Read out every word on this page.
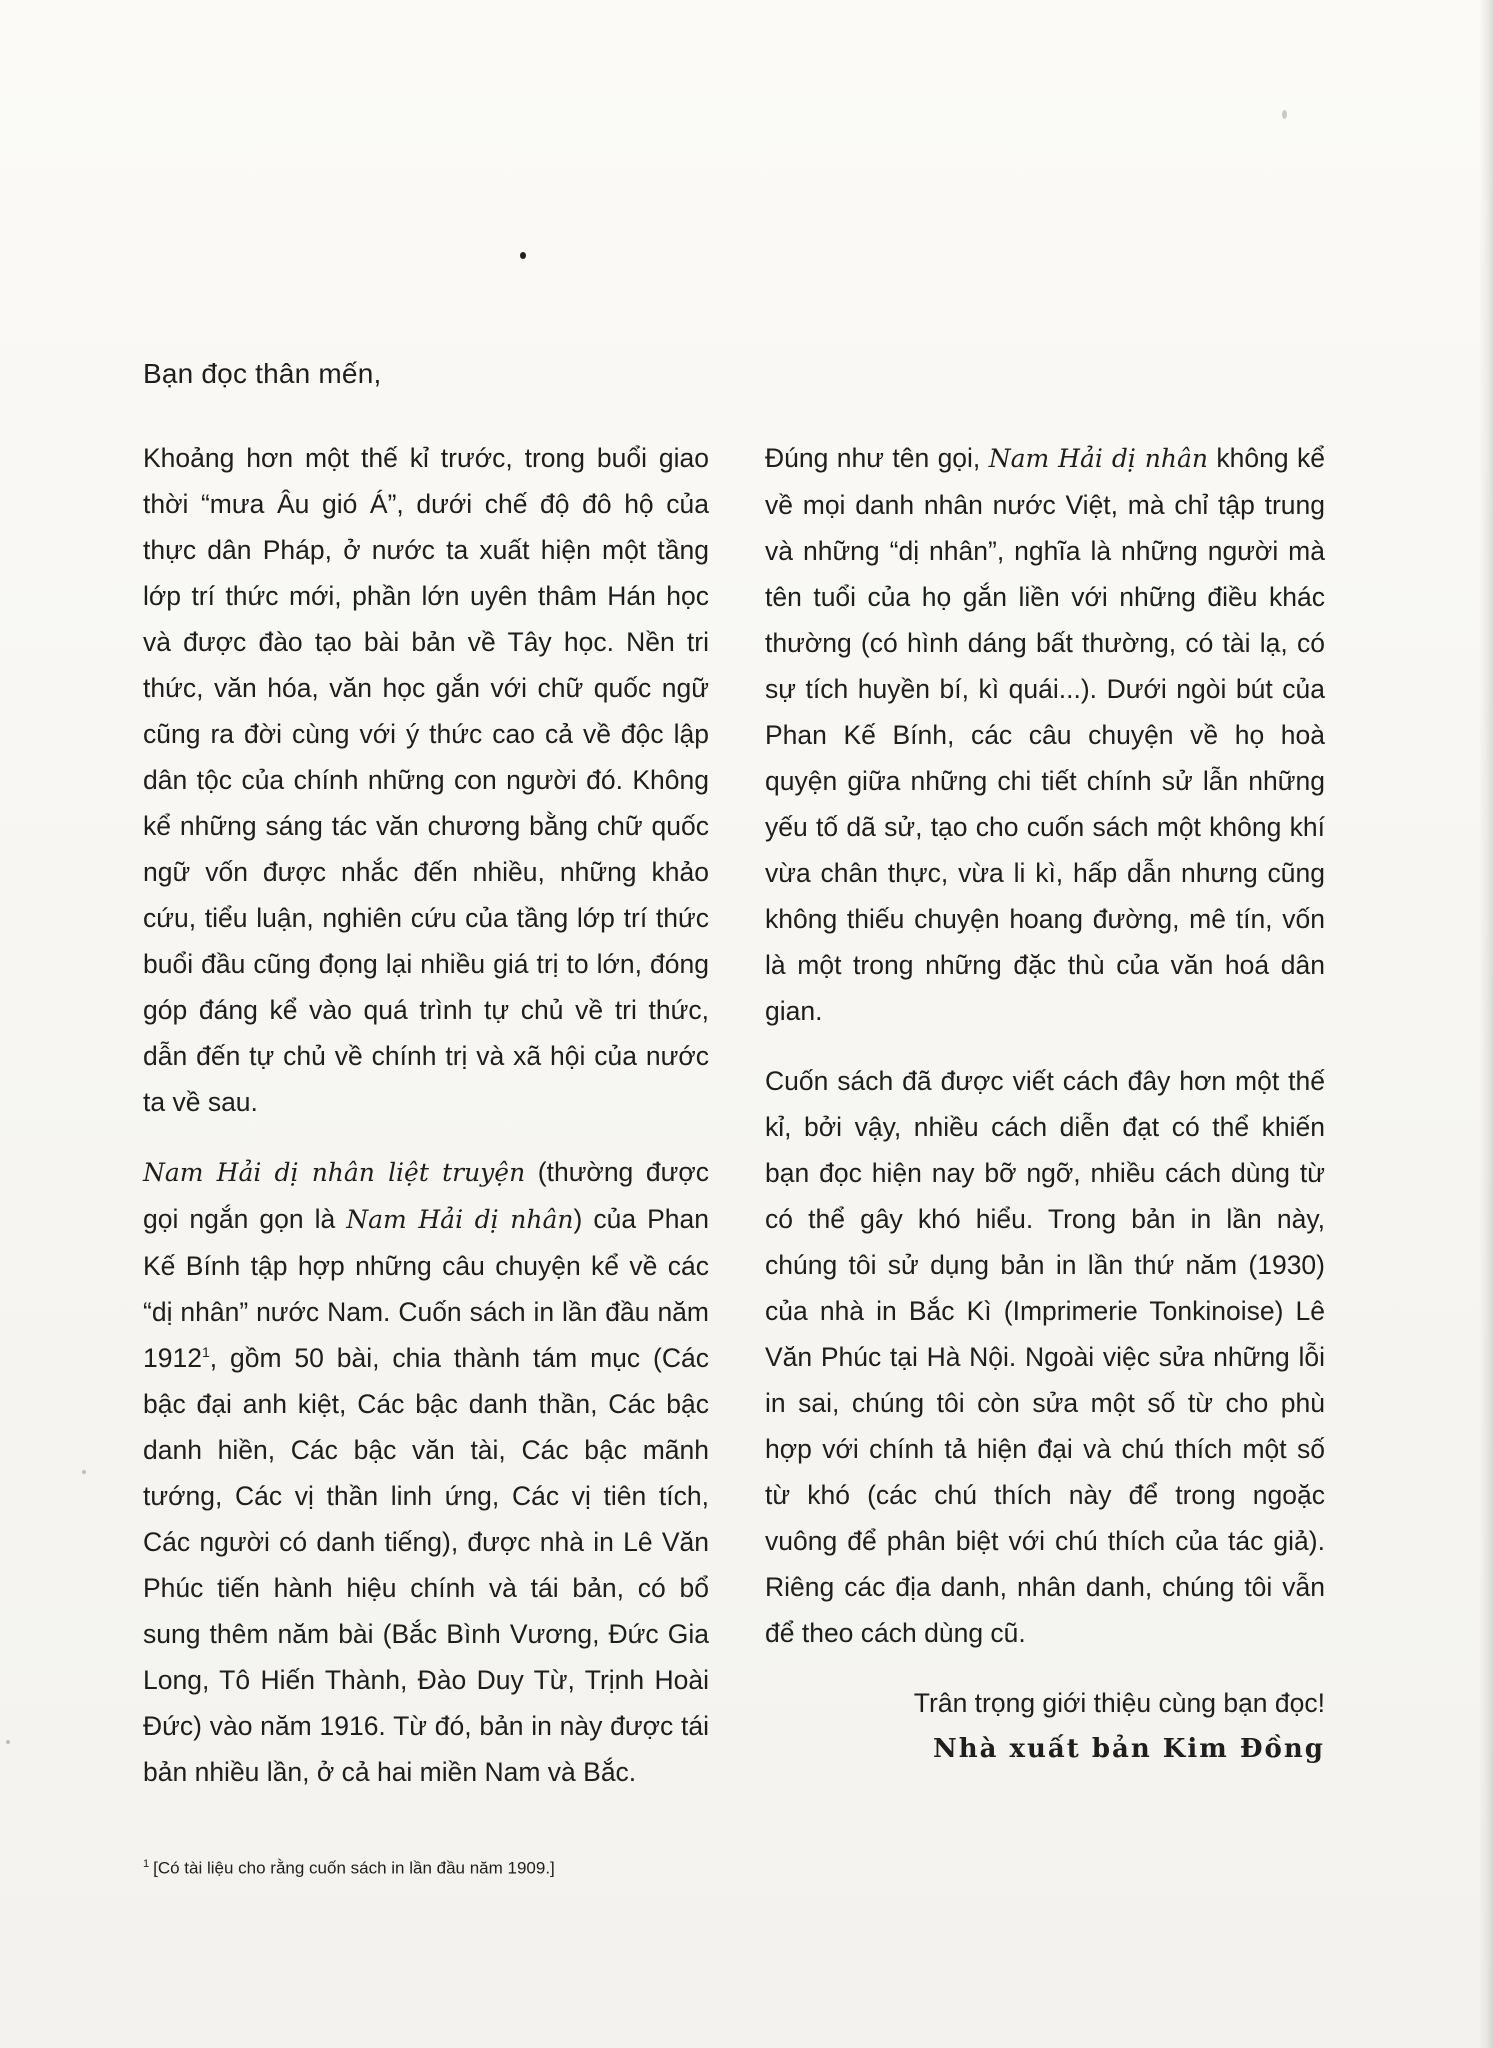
Bạn đọc thân mến,

Khoảng hơn một thế kỉ trước, trong buổi giao thời “mưa Âu gió Á”, dưới chế độ đô hộ của thực dân Pháp, ở nước ta xuất hiện một tầng lớp trí thức mới, phần lớn uyên thâm Hán học và được đào tạo bài bản về Tây học. Nền tri thức, văn hóa, văn học gắn với chữ quốc ngữ cũng ra đời cùng với ý thức cao cả về độc lập dân tộc của chính những con người đó. Không kể những sáng tác văn chương bằng chữ quốc ngữ vốn được nhắc đến nhiều, những khảo cứu, tiểu luận, nghiên cứu của tầng lớp trí thức buổi đầu cũng đọng lại nhiều giá trị to lớn, đóng góp đáng kể vào quá trình tự chủ về tri thức, dẫn đến tự chủ về chính trị và xã hội của nước ta về sau.

Nam Hải dị nhân liệt truyện (thường được gọi ngắn gọn là Nam Hải dị nhân) của Phan Kế Bính tập hợp những câu chuyện kể về các “dị nhân” nước Nam. Cuốn sách in lần đầu năm 1912$^1$, gồm 50 bài, chia thành tám mục (Các bậc đại anh kiệt, Các bậc danh thần, Các bậc danh hiền, Các bậc văn tài, Các bậc mãnh tướng, Các vị thần linh ứng, Các vị tiên tích, Các người có danh tiếng), được nhà in Lê Văn Phúc tiến hành hiệu chính và tái bản, có bổ sung thêm năm bài (Bắc Bình Vương, Đức Gia Long, Tô Hiến Thành, Đào Duy Từ, Trịnh Hoài Đức) vào năm 1916. Từ đó, bản in này được tái bản nhiều lần, ở cả hai miền Nam và Bắc.

Đúng như tên gọi, Nam Hải dị nhân không kể về mọi danh nhân nước Việt, mà chỉ tập trung và những “dị nhân”, nghĩa là những người mà tên tuổi của họ gắn liền với những điều khác thường (có hình dáng bất thường, có tài lạ, có sự tích huyền bí, kì quái...). Dưới ngòi bút của Phan Kế Bính, các câu chuyện về họ hoà quyện giữa những chi tiết chính sử lẫn những yếu tố dã sử, tạo cho cuốn sách một không khí vừa chân thực, vừa li kì, hấp dẫn nhưng cũng không thiếu chuyện hoang đường, mê tín, vốn là một trong những đặc thù của văn hoá dân gian.

Cuốn sách đã được viết cách đây hơn một thế kỉ, bởi vậy, nhiều cách diễn đạt có thể khiến bạn đọc hiện nay bỡ ngỡ, nhiều cách dùng từ có thể gây khó hiểu. Trong bản in lần này, chúng tôi sử dụng bản in lần thứ năm (1930) của nhà in Bắc Kì (Imprimerie Tonkinoise) Lê Văn Phúc tại Hà Nội. Ngoài việc sửa những lỗi in sai, chúng tôi còn sửa một số từ cho phù hợp với chính tả hiện đại và chú thích một số từ khó (các chú thích này để trong ngoặc vuông để phân biệt với chú thích của tác giả). Riêng các địa danh, nhân danh, chúng tôi vẫn để theo cách dùng cũ.

Trân trọng giới thiệu cùng bạn đọc!
Nhà xuất bản Kim Đồng
$^1$ [Có tài liệu cho rằng cuốn sách in lần đầu năm 1909.]
